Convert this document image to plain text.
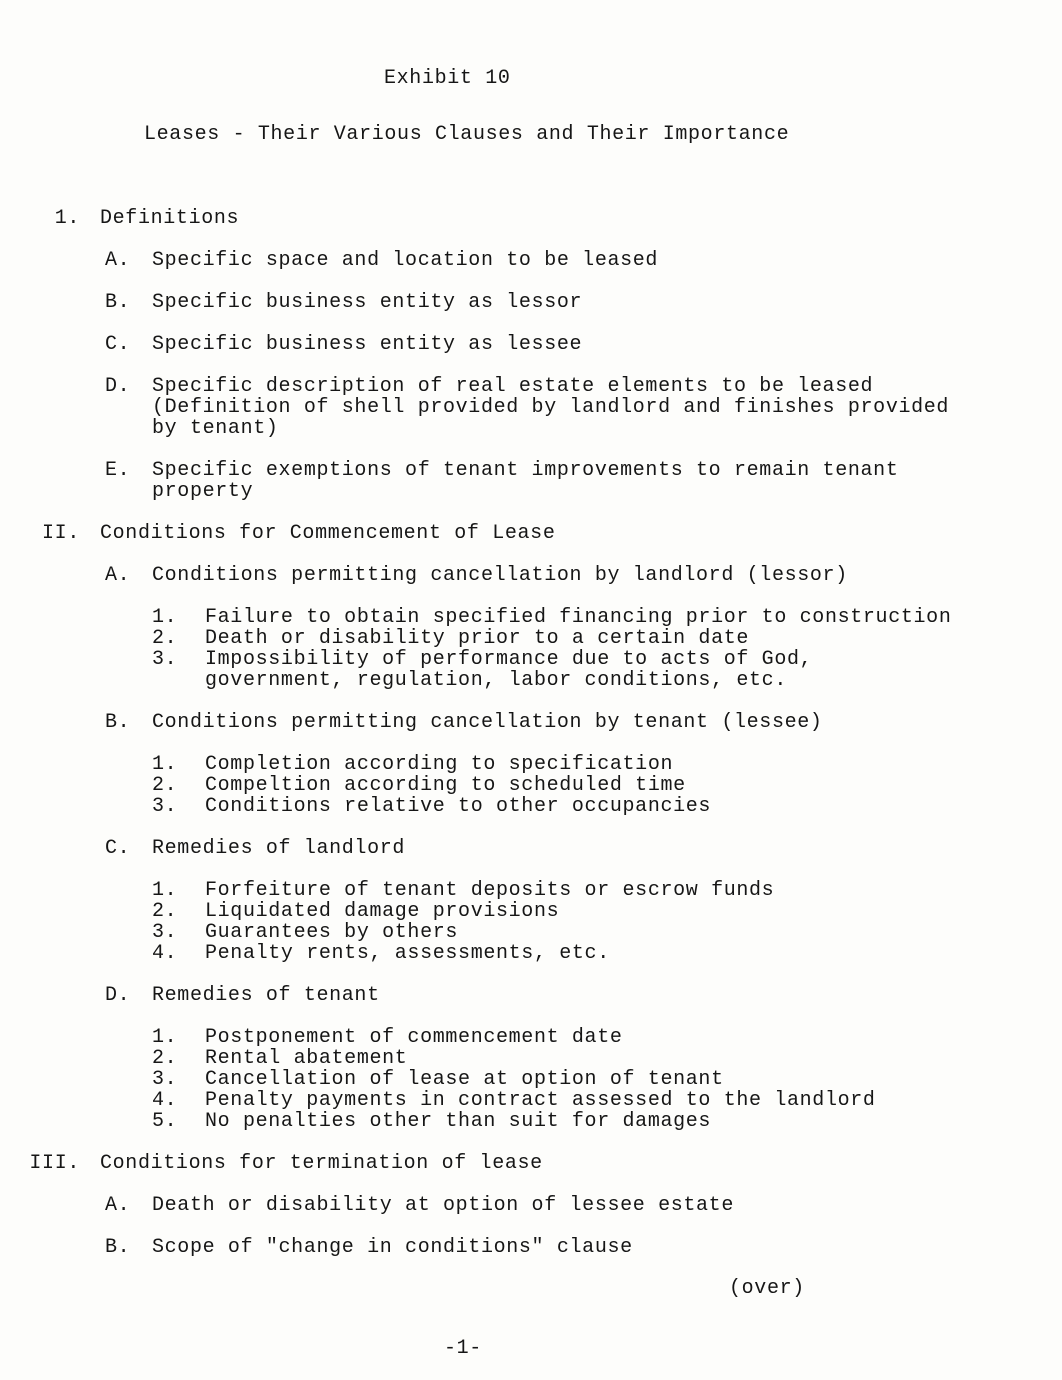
Exhibit 10
Leases - Their Various Clauses and Their Importance
1. Definitions
A.	Specific space and location to be leased
B.	Specific business entity as lessor
C.	Specific business entity as lessee
D.	Specific description of real estate elements to be leased
(Definition of shell provided by landlord and finishes provided
by tenant)
E.	Specific exemptions of tenant improvements to remain tenant
property
II. Conditions for Commencement of Lease
A.	Conditions permitting cancellation by landlord (lessor)
1.	Failure to obtain specified financing prior to construction
2.	Death or disability prior to a certain date
3.	Impossibility of performance due to acts of God,
government, regulation, labor conditions, etc.
B.	Conditions permitting cancellation by tenant (lessee)
1.	Completion according to specification
2.	Compeltion according to scheduled time
3.	Conditions relative to other occupancies
C.	Remedies of landlord
1.	Forfeiture of tenant deposits or escrow funds
2.	Liquidated damage provisions
3.	Guarantees by others
4.	Penalty rents, assessments, etc.
D.	Remedies of tenant
1.	Postponement of commencement date
2.	Rental abatement
3.	Cancellation of lease at option of tenant
4.	Penalty payments in contract assessed to the landlord
5.	No penalties other than suit for damages
III. Conditions for termination of lease
A.	Death or disability at option of lessee estate
B.	Scope of "change in conditions" clause
(over)
-1-
